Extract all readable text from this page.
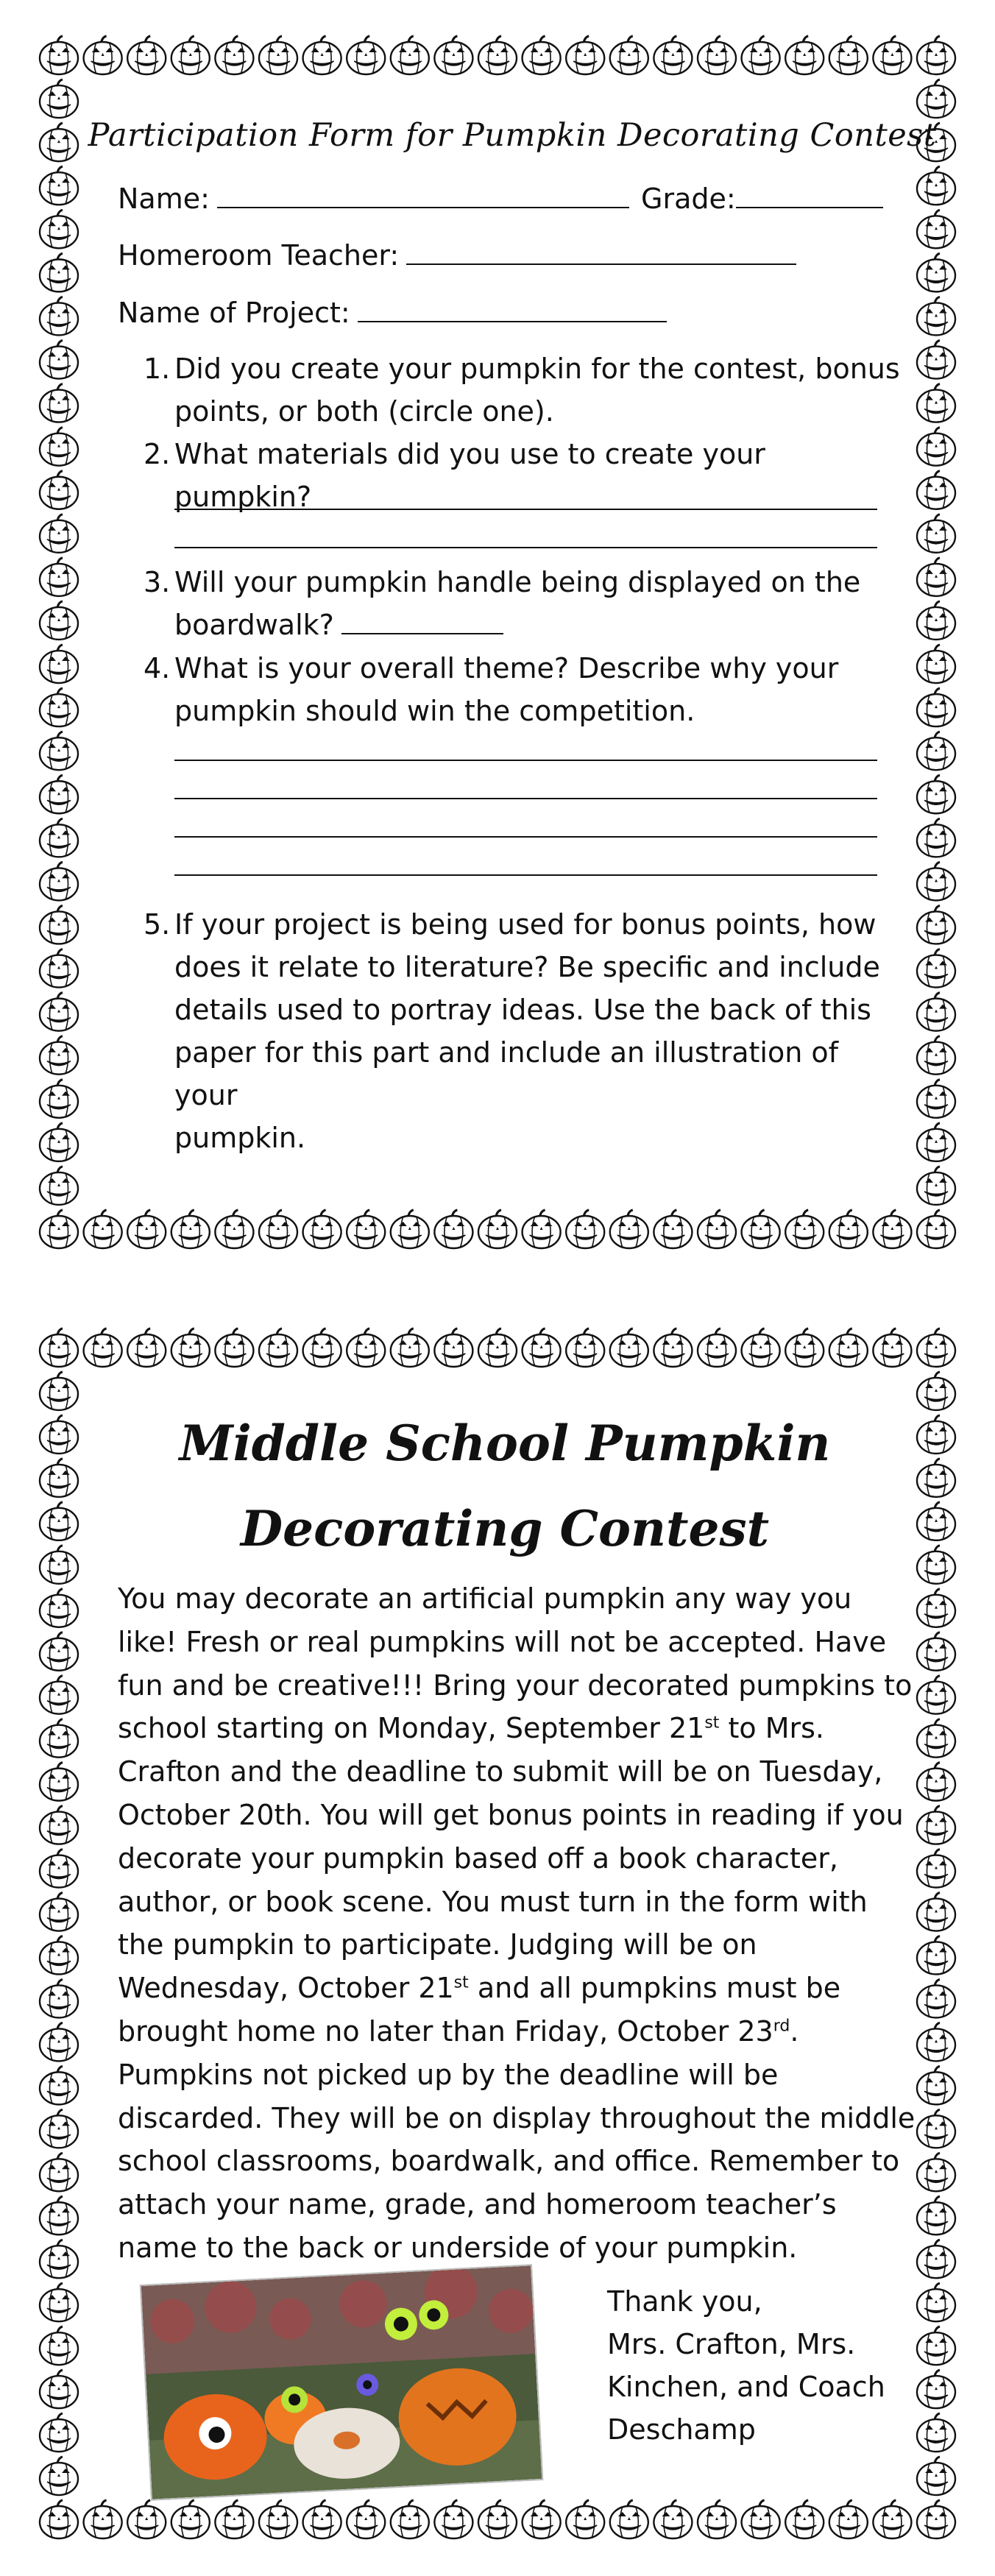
Participation Form for Pumpkin Decorating Contest
Name:	Grade:
Homeroom Teacher:
Name of Project:
1. Did you create your pumpkin for the contest, bonus
points, or both (circle one).
2. What materials did you use to create your pumpkin?
3. Will your pumpkin handle being displayed on the
boardwalk?
4. What is your overall theme? Describe why your
pumpkin should win the competition.
5. If your project is being used for bonus points, how
does it relate to literature? Be specific and include
details used to portray ideas. Use the back of this
paper for this part and include an illustration of your
pumpkin.
Middle School Pumpkin
Decorating Contest
You may decorate an artificial pumpkin any way you like! Fresh or real pumpkins will not be accepted. Have fun and be creative!!! Bring your decorated pumpkins to school starting on Monday, September 21st to Mrs. Crafton and the deadline to submit will be on Tuesday, October 20th. You will get bonus points in reading if you decorate your pumpkin based off a book character, author, or book scene. You must turn in the form with the pumpkin to participate. Judging will be on Wednesday, October 21st and all pumpkins must be brought home no later than Friday, October 23rd. Pumpkins not picked up by the deadline will be discarded. They will be on display throughout the middle school classrooms, boardwalk, and office. Remember to attach your name, grade, and homeroom teacher’s name to the back or underside of your pumpkin.
Thank you,
Mrs. Crafton, Mrs.
Kinchen, and Coach
Deschamp
